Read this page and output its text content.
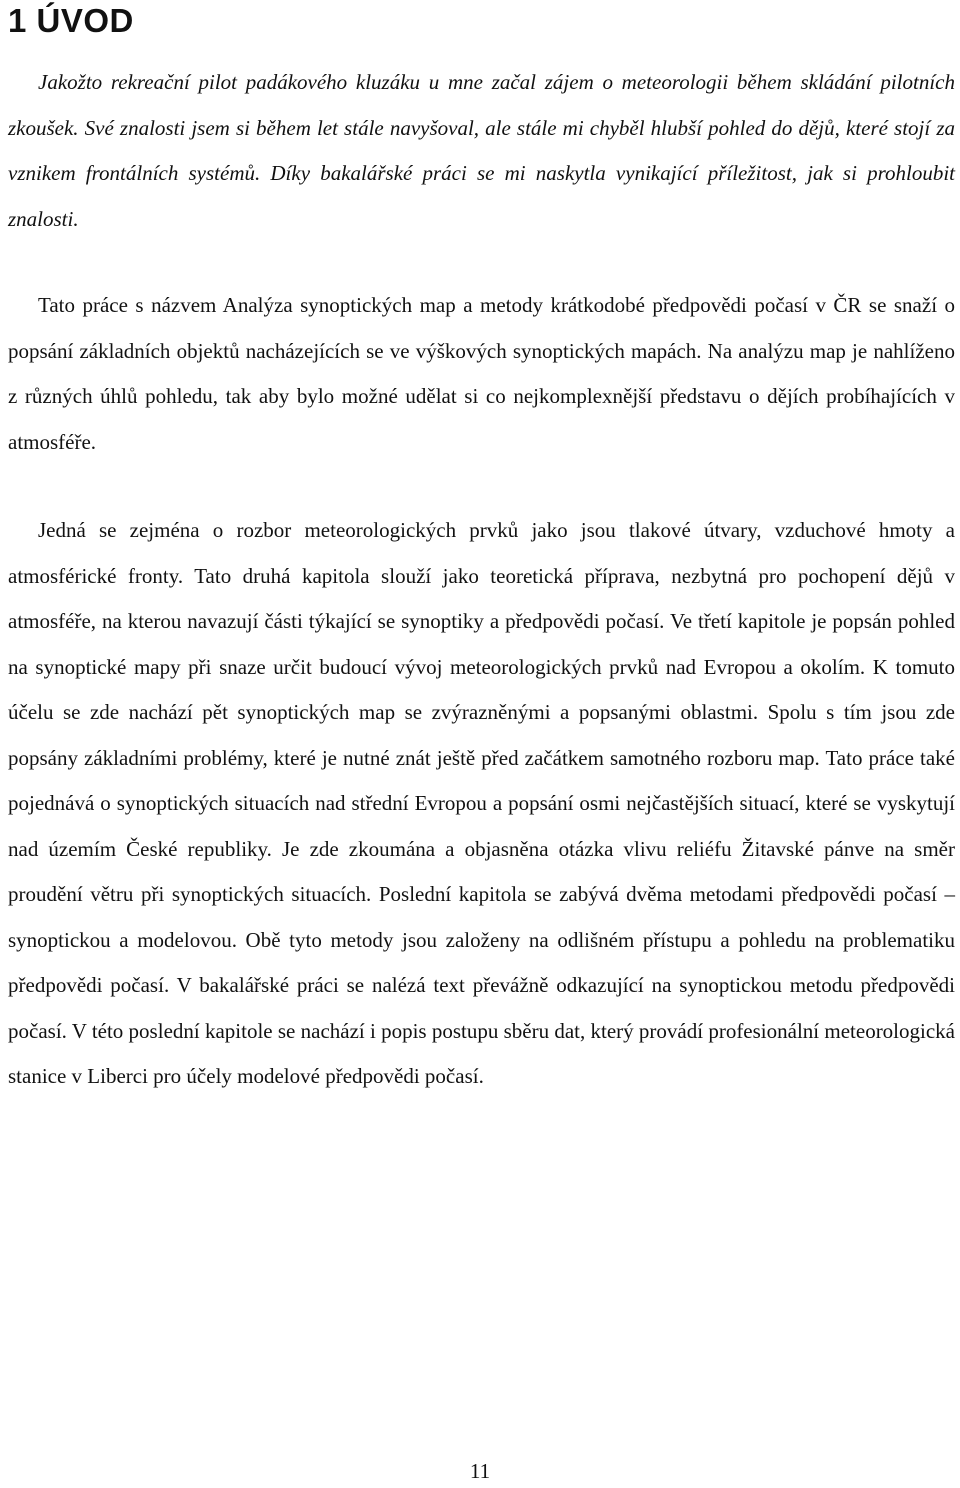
1 ÚVOD

Jakožto rekreační pilot padákového kluzáku u mne začal zájem o meteorologii během skládání pilotních zkoušek. Své znalosti jsem si během let stále navyšoval, ale stále mi chyběl hlubší pohled do dějů, které stojí za vznikem frontálních systémů. Díky bakalářské práci se mi naskytla vynikající příležitost, jak si prohloubit znalosti.

Tato práce s názvem Analýza synoptických map a metody krátkodobé předpovědi počasí v ČR se snaží o popsání základních objektů nacházejících se ve výškových synoptických mapách. Na analýzu map je nahlíženo z různých úhlů pohledu, tak aby bylo možné udělat si co nejkomplexnější představu o dějích probíhajících v atmosféře.

Jedná se zejména o rozbor meteorologických prvků jako jsou tlakové útvary, vzduchové hmoty a atmosférické fronty. Tato druhá kapitola slouží jako teoretická příprava, nezbytná pro pochopení dějů v atmosféře, na kterou navazují části týkající se synoptiky a předpovědi počasí. Ve třetí kapitole je popsán pohled na synoptické mapy při snaze určit budoucí vývoj meteorologických prvků nad Evropou a okolím. K tomuto účelu se zde nachází pět synoptických map se zvýrazněnými a popsanými oblastmi. Spolu s tím jsou zde popsány základními problémy, které je nutné znát ještě před začátkem samotného rozboru map. Tato práce také pojednává o synoptických situacích nad střední Evropou a popsání osmi nejčastějších situací, které se vyskytují nad územím České republiky. Je zde zkoumána a objasněna otázka vlivu reliéfu Žitavské pánve na směr proudění větru při synoptických situacích. Poslední kapitola se zabývá dvěma metodami předpovědi počasí – synoptickou a modelovou. Obě tyto metody jsou založeny na odlišném přístupu a pohledu na problematiku předpovědi počasí. V bakalářské práci se nalézá text převážně odkazující na synoptickou metodu předpovědi počasí. V této poslední kapitole se nachází i popis postupu sběru dat, který provádí profesionální meteorologická stanice v Liberci pro účely modelové předpovědi počasí.

11
